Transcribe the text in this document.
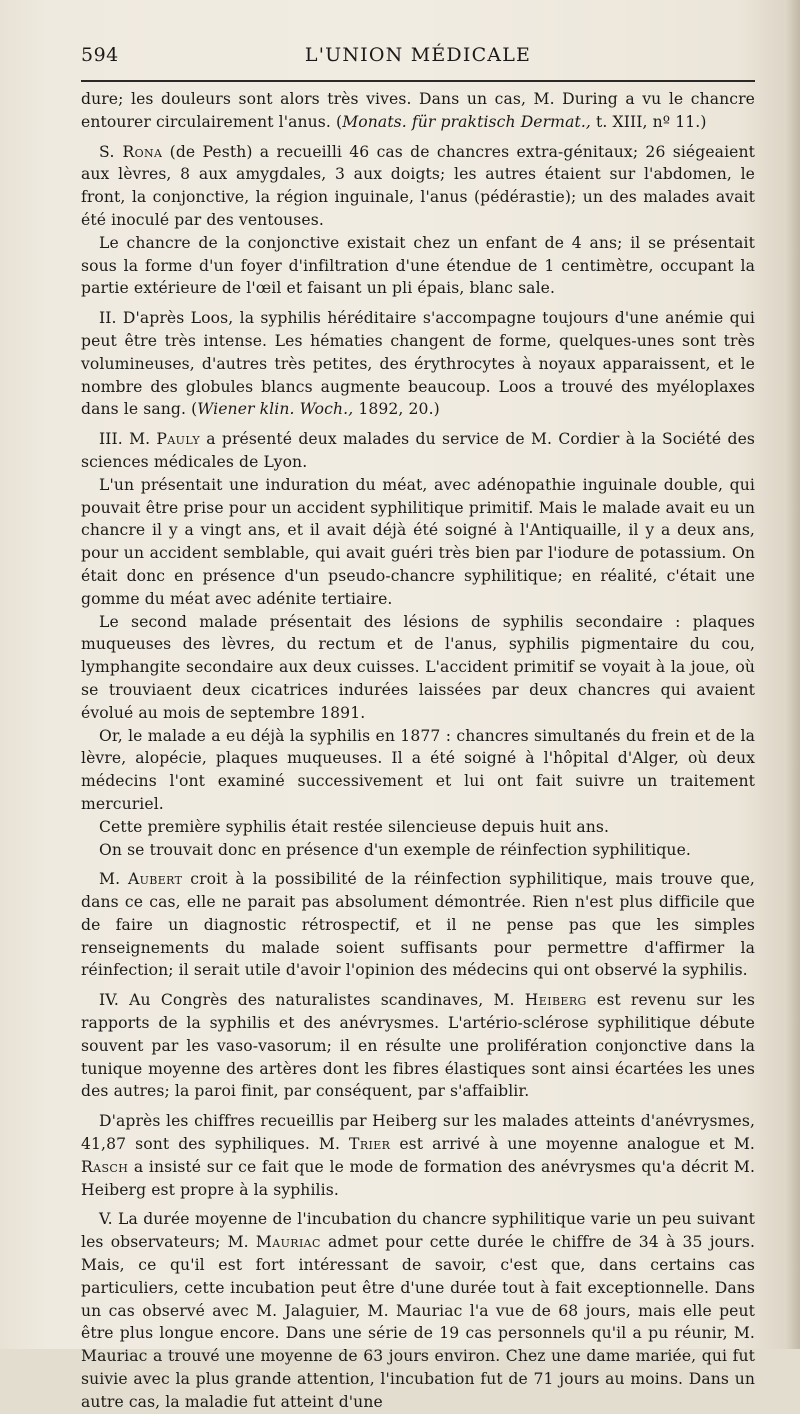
594	L'UNION MÉDICALE

dure; les douleurs sont alors très vives. Dans un cas, M. During a vu le chancre entourer circulairement l'anus. (Monats. für praktisch Dermat., t. XIII, nº 11.)

S. Rona (de Pesth) a recueilli 46 cas de chancres extra-génitaux; 26 siégeaient aux lèvres, 8 aux amygdales, 3 aux doigts; les autres étaient sur l'abdomen, le front, la conjonctive, la région inguinale, l'anus (pédérastie); un des malades avait été inoculé par des ventouses.

Le chancre de la conjonctive existait chez un enfant de 4 ans; il se présentait sous la forme d'un foyer d'infiltration d'une étendue de 1 centimètre, occupant la partie extérieure de l'œil et faisant un pli épais, blanc sale.

II. D'après Loos, la syphilis héréditaire s'accompagne toujours d'une anémie qui peut être très intense. Les hématies changent de forme, quelques-unes sont très volumineuses, d'autres très petites, des érythrocytes à noyaux apparaissent, et le nombre des globules blancs augmente beaucoup. Loos a trouvé des myéloplaxes dans le sang. (Wiener klin. Woch., 1892, 20.)

III. M. Pauly a présenté deux malades du service de M. Cordier à la Société des sciences médicales de Lyon.

L'un présentait une induration du méat, avec adénopathie inguinale double, qui pouvait être prise pour un accident syphilitique primitif. Mais le malade avait eu un chancre il y a vingt ans, et il avait déjà été soigné à l'Antiquaille, il y a deux ans, pour un accident semblable, qui avait guéri très bien par l'iodure de potassium. On était donc en présence d'un pseudo-chancre syphilitique; en réalité, c'était une gomme du méat avec adénite tertiaire.

Le second malade présentait des lésions de syphilis secondaire : plaques muqueuses des lèvres, du rectum et de l'anus, syphilis pigmentaire du cou, lymphangite secondaire aux deux cuisses. L'accident primitif se voyait à la joue, où se trouviaent deux cicatrices indurées laissées par deux chancres qui avaient évolué au mois de septembre 1891.

Or, le malade a eu déjà la syphilis en 1877 : chancres simultanés du frein et de la lèvre, alopécie, plaques muqueuses. Il a été soigné à l'hôpital d'Alger, où deux médecins l'ont examiné successivement et lui ont fait suivre un traitement mercuriel.

Cette première syphilis était restée silencieuse depuis huit ans.

On se trouvait donc en présence d'un exemple de réinfection syphilitique.

M. Aubert croit à la possibilité de la réinfection syphilitique, mais trouve que, dans ce cas, elle ne parait pas absolument démontrée. Rien n'est plus difficile que de faire un diagnostic rétrospectif, et il ne pense pas que les simples renseignements du malade soient suffisants pour permettre d'affirmer la réinfection; il serait utile d'avoir l'opinion des médecins qui ont observé la syphilis.

IV. Au Congrès des naturalistes scandinaves, M. Heiberg est revenu sur les rapports de la syphilis et des anévrysmes. L'artério-sclérose syphilitique débute souvent par les vaso-vasorum; il en résulte une prolifération conjonctive dans la tunique moyenne des artères dont les fibres élastiques sont ainsi écartées les unes des autres; la paroi finit, par conséquent, par s'affaiblir.

D'après les chiffres recueillis par Heiberg sur les malades atteints d'anévrysmes, 41,87 sont des syphiliques. M. Trier est arrivé à une moyenne analogue et M. Rasch a insisté sur ce fait que le mode de formation des anévrysmes qu'a décrit M. Heiberg est propre à la syphilis.

V. La durée moyenne de l'incubation du chancre syphilitique varie un peu suivant les observateurs; M. Mauriac admet pour cette durée le chiffre de 34 à 35 jours. Mais, ce qu'il est fort intéressant de savoir, c'est que, dans certains cas particuliers, cette incubation peut être d'une durée tout à fait exceptionnelle. Dans un cas observé avec M. Jalaguier, M. Mauriac l'a vue de 68 jours, mais elle peut être plus longue encore. Dans une série de 19 cas personnels qu'il a pu réunir, M. Mauriac a trouvé une moyenne de 63 jours environ. Chez une dame mariée, qui fut suivie avec la plus grande attention, l'incubation fut de 71 jours au moins. Dans un autre cas, la maladie fut atteint d'une
